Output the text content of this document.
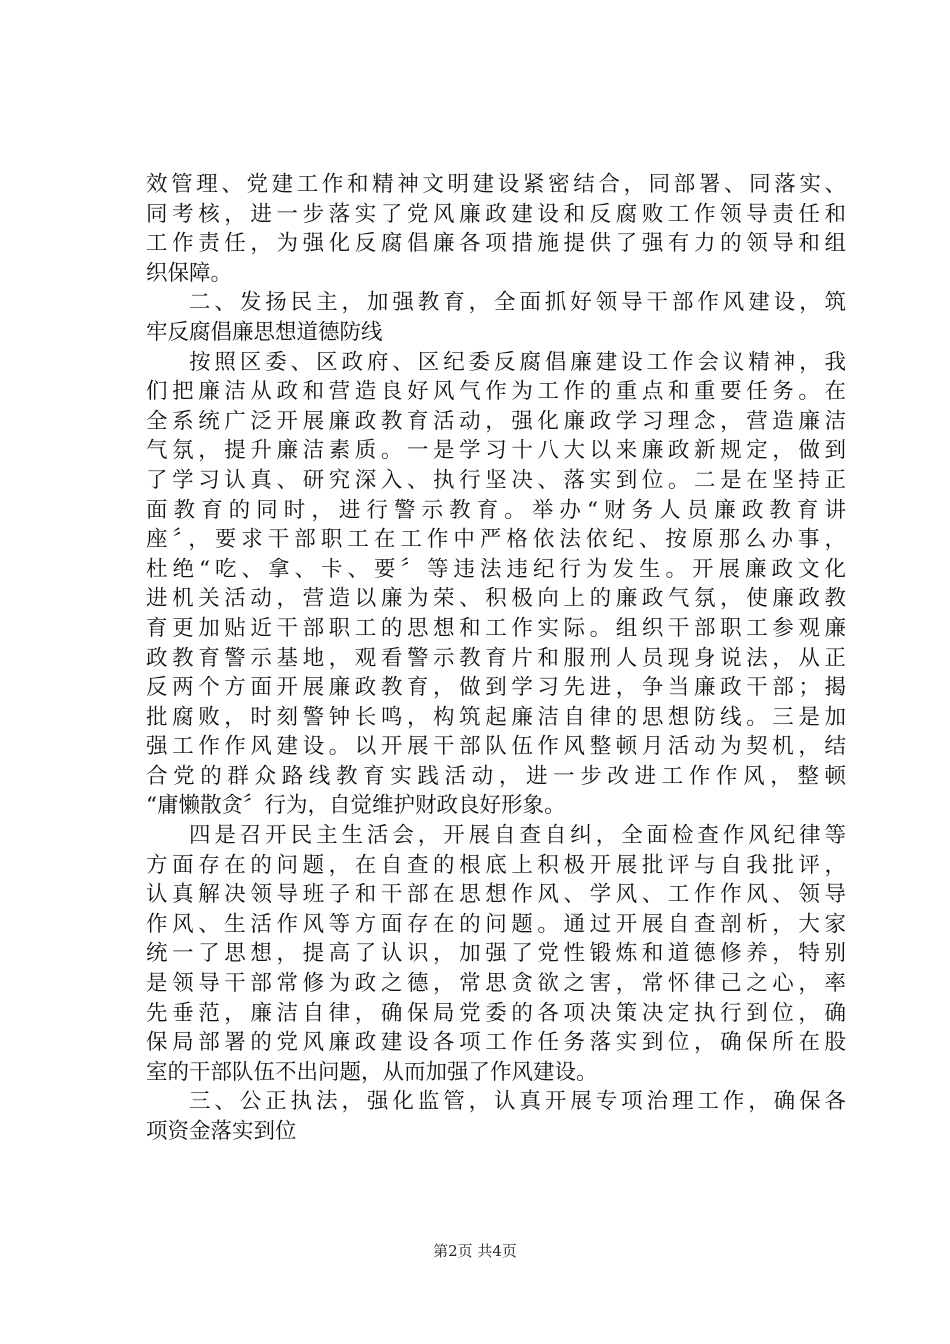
效管理、党建工作和精神文明建设紧密结合，同部署、同落实、
同考核，进一步落实了党风廉政建设和反腐败工作领导责任和
工作责任，为强化反腐倡廉各项措施提供了强有力的领导和组
织保障。
二、发扬民主，加强教育，全面抓好领导干部作风建设，筑
牢反腐倡廉思想道德防线
按照区委、区政府、区纪委反腐倡廉建设工作会议精神，我
们把廉洁从政和营造良好风气作为工作的重点和重要任务。在
全系统广泛开展廉政教育活动，强化廉政学习理念，营造廉洁
气氛，提升廉洁素质。一是学习十八大以来廉政新规定，做到
了学习认真、研究深入、执行坚决、落实到位。二是在坚持正
面教育的同时，进行警示教育。举办“财务人员廉政教育讲
座〞，要求干部职工在工作中严格依法依纪、按原那么办事，
杜绝“吃、拿、卡、要〞等违法违纪行为发生。开展廉政文化
进机关活动，营造以廉为荣、积极向上的廉政气氛，使廉政教
育更加贴近干部职工的思想和工作实际。组织干部职工参观廉
政教育警示基地，观看警示教育片和服刑人员现身说法，从正
反两个方面开展廉政教育，做到学习先进，争当廉政干部；揭
批腐败，时刻警钟长鸣，构筑起廉洁自律的思想防线。三是加
强工作作风建设。以开展干部队伍作风整顿月活动为契机，结
合党的群众路线教育实践活动，进一步改进工作作风，整顿
“庸懒散贪〞行为，自觉维护财政良好形象。
四是召开民主生活会，开展自查自纠，全面检查作风纪律等
方面存在的问题，在自查的根底上积极开展批评与自我批评，
认真解决领导班子和干部在思想作风、学风、工作作风、领导
作风、生活作风等方面存在的问题。通过开展自查剖析，大家
统一了思想，提高了认识，加强了党性锻炼和道德修养，特别
是领导干部常修为政之德，常思贪欲之害，常怀律己之心，率
先垂范，廉洁自律，确保局党委的各项决策决定执行到位，确
保局部署的党风廉政建设各项工作任务落实到位，确保所在股
室的干部队伍不出问题，从而加强了作风建设。
三、公正执法，强化监管，认真开展专项治理工作，确保各
项资金落实到位
第2页 共4页
